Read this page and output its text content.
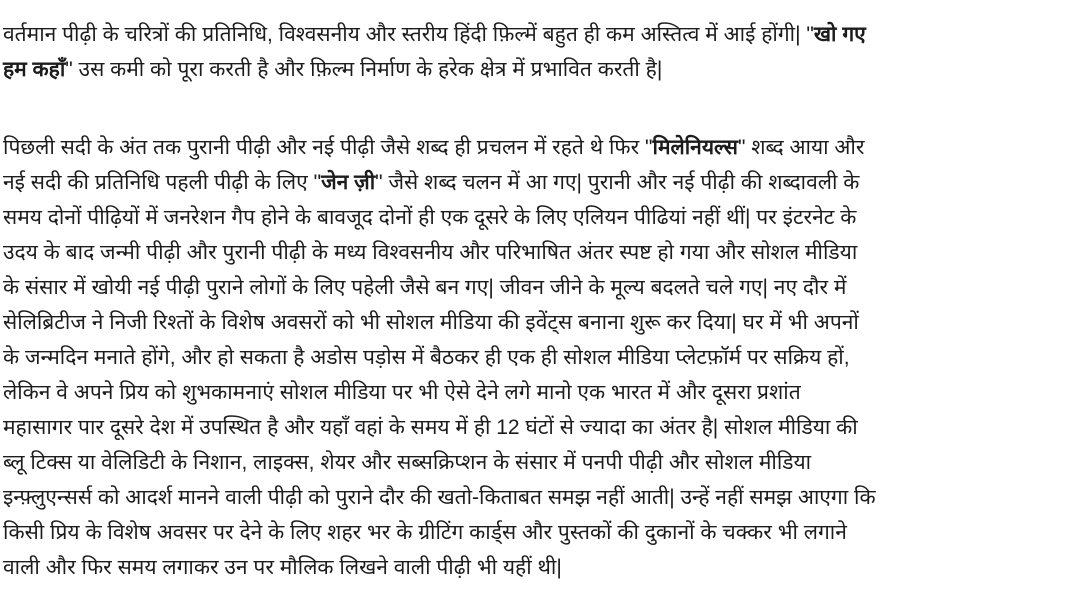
वर्तमान पीढ़ी के चरित्रों की प्रतिनिधि, विश्वसनीय और स्तरीय हिंदी फ़िल्में बहुत ही कम अस्तित्व में आई होंगी| "खो गए
हम कहाँ" उस कमी को पूरा करती है और फ़िल्म निर्माण के हरेक क्षेत्र में प्रभावित करती है|

पिछली सदी के अंत तक पुरानी पीढ़ी और नई पीढ़ी जैसे शब्द ही प्रचलन में रहते थे फिर "मिलेनियल्स" शब्द आया और
नई सदी की प्रतिनिधि पहली पीढ़ी के लिए "जेन ज़ी" जैसे शब्द चलन में आ गए| पुरानी और नई पीढ़ी की शब्दावली के
समय दोनों पीढ़ियों में जनरेशन गैप होने के बावजूद दोनों ही एक दूसरे के लिए एलियन पीढियां नहीं थीं| पर इंटरनेट के
उदय के बाद जन्मी पीढ़ी और पुरानी पीढ़ी के मध्य विश्वसनीय और परिभाषित अंतर स्पष्ट हो गया और सोशल मीडिया
के संसार में खोयी नई पीढ़ी पुराने लोगों के लिए पहेली जैसे बन गए| जीवन जीने के मूल्य बदलते चले गए| नए दौर में
सेलिब्रिटीज ने निजी रिश्तों के विशेष अवसरों को भी सोशल मीडिया की इवेंट्स बनाना शुरू कर दिया| घर में भी अपनों
के जन्मदिन मनाते होंगे, और हो सकता है अडोस पड़ोस में बैठकर ही एक ही सोशल मीडिया प्लेटफ़ॉर्म पर सक्रिय हों,
लेकिन वे अपने प्रिय को शुभकामनाएं सोशल मीडिया पर भी ऐसे देने लगे मानो एक भारत में और दूसरा प्रशांत
महासागर पार दूसरे देश में उपस्थित है और यहाँ वहां के समय में ही 12 घंटों से ज्यादा का अंतर है| सोशल मीडिया की
ब्लू टिक्स या वेलिडिटी के निशान, लाइक्स, शेयर और सब्सक्रिप्शन के संसार में पनपी पीढ़ी और सोशल मीडिया
इन्फ़्लुएन्सर्स को आदर्श मानने वाली पीढ़ी को पुराने दौर की खतो-किताबत समझ नहीं आती| उन्हें नहीं समझ आएगा कि
किसी प्रिय के विशेष अवसर पर देने के लिए शहर भर के ग्रीटिंग कार्ड्स और पुस्तकों की दुकानों के चक्कर भी लगाने
वाली और फिर समय लगाकर उन पर मौलिक लिखने वाली पीढ़ी भी यहीं थी|
